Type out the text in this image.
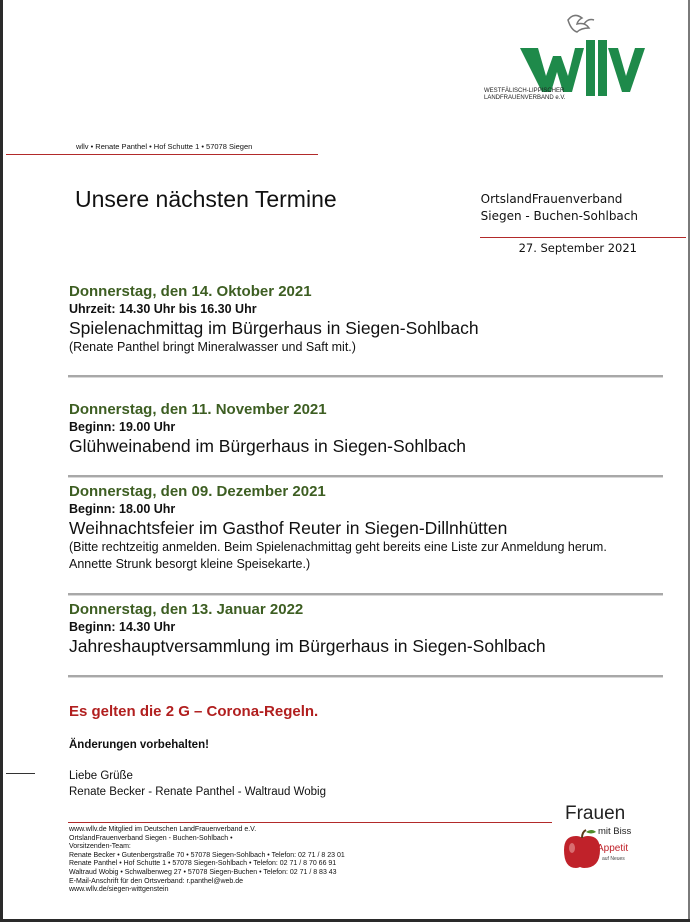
WESTFÄLISCH-LIPPISCHER
LANDFRAUENVERBAND e.V.
wllv • Renate Panthel • Hof Schutte 1 • 57078 Siegen
Unsere nächsten Termine	OrtslandFrauenverband
Siegen - Buchen-Sohlbach
27. September 2021
Donnerstag, den 14. Oktober 2021
Uhrzeit: 14.30 Uhr bis 16.30 Uhr
Spielenachmittag im Bürgerhaus in Siegen-Sohlbach
(Renate Panthel bringt Mineralwasser und Saft mit.)
Donnerstag, den 11. November 2021
Beginn: 19.00 Uhr
Glühweinabend im Bürgerhaus in Siegen-Sohlbach
Donnerstag, den 09. Dezember 2021
Beginn: 18.00 Uhr
Weihnachtsfeier im Gasthof Reuter in Siegen-Dillnhütten
(Bitte rechtzeitig anmelden. Beim Spielenachmittag geht bereits eine Liste zur Anmeldung herum.
Annette Strunk besorgt kleine Speisekarte.)
Donnerstag, den 13. Januar 2022
Beginn: 14.30 Uhr
Jahreshauptversammlung im Bürgerhaus in Siegen-Sohlbach
Es gelten die 2 G – Corona-Regeln.
Änderungen vorbehalten!
Liebe Grüße
Renate Becker - Renate Panthel - Waltraud Wobig
www.wllv.de Mitglied im Deutschen LandFrauenverband e.V.
OrtslandFrauenverband Siegen - Buchen-Sohlbach •
Vorsitzenden-Team:
Renate Becker • Gutenbergstraße 70 • 57078 Siegen-Sohlbach • Telefon: 02 71 / 8 23 01
Renate Panthel • Hof Schutte 1 • 57078 Siegen-Sohlbach • Telefon: 02 71 / 8 70 66 91
Waltraud Wobig • Schwalbenweg 27 • 57078 Siegen-Buchen • Telefon: 02 71 / 8 83 43
E-Mail-Anschrift für den Ortsverband: r.panthel@web.de
www.wllv.de/siegen-wittgenstein
Frauen
mit Biss
Appetit
auf Neues
